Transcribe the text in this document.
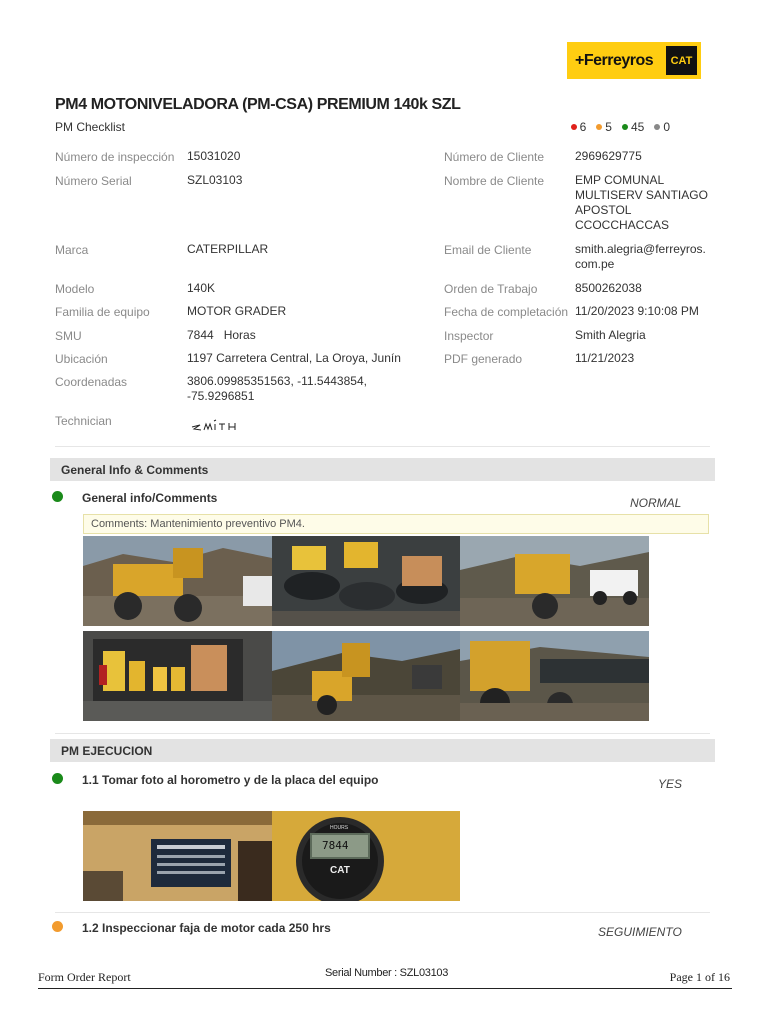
+Ferreyros	CAT
PM4 MOTONIVELADORA (PM-CSA) PREMIUM 140k SZL
PM Checklist	6 5 45 0
Número de inspección 15031020
Número Serial	SZL03103
Marca	CATERPILLAR
Modelo	140K
Familia de equipo	MOTOR GRADER
SMU	7844   Horas
Ubicación	1197 Carretera Central, La Oroya, Junín
Coordenadas	3806.09985351563, -11.5443854, -75.9296851
Technician
Número de Cliente	2969629775
Nombre de Cliente	EMP COMUNAL MULTISERV SANTIAGO APOSTOL CCOCCHACCAS
Email de Cliente	smith.alegria@ferreyros.com.pe
Orden de Trabajo	8500262038
Fecha de completación 11/20/2023 9:10:08 PM
Inspector	Smith Alegria
PDF generado	11/21/2023
General Info & Comments
General info/Comments	NORMAL
Comments: Mantenimiento preventivo PM4.
PM EJECUCION
1.1 Tomar foto al horometro y de la placa del equipo	YES
HOURS
7844
CAT
1.2 Inspeccionar faja de motor cada 250 hrs	SEGUIMIENTO
Form Order Report	Serial Number : SZL03103	Page 1 of 16
